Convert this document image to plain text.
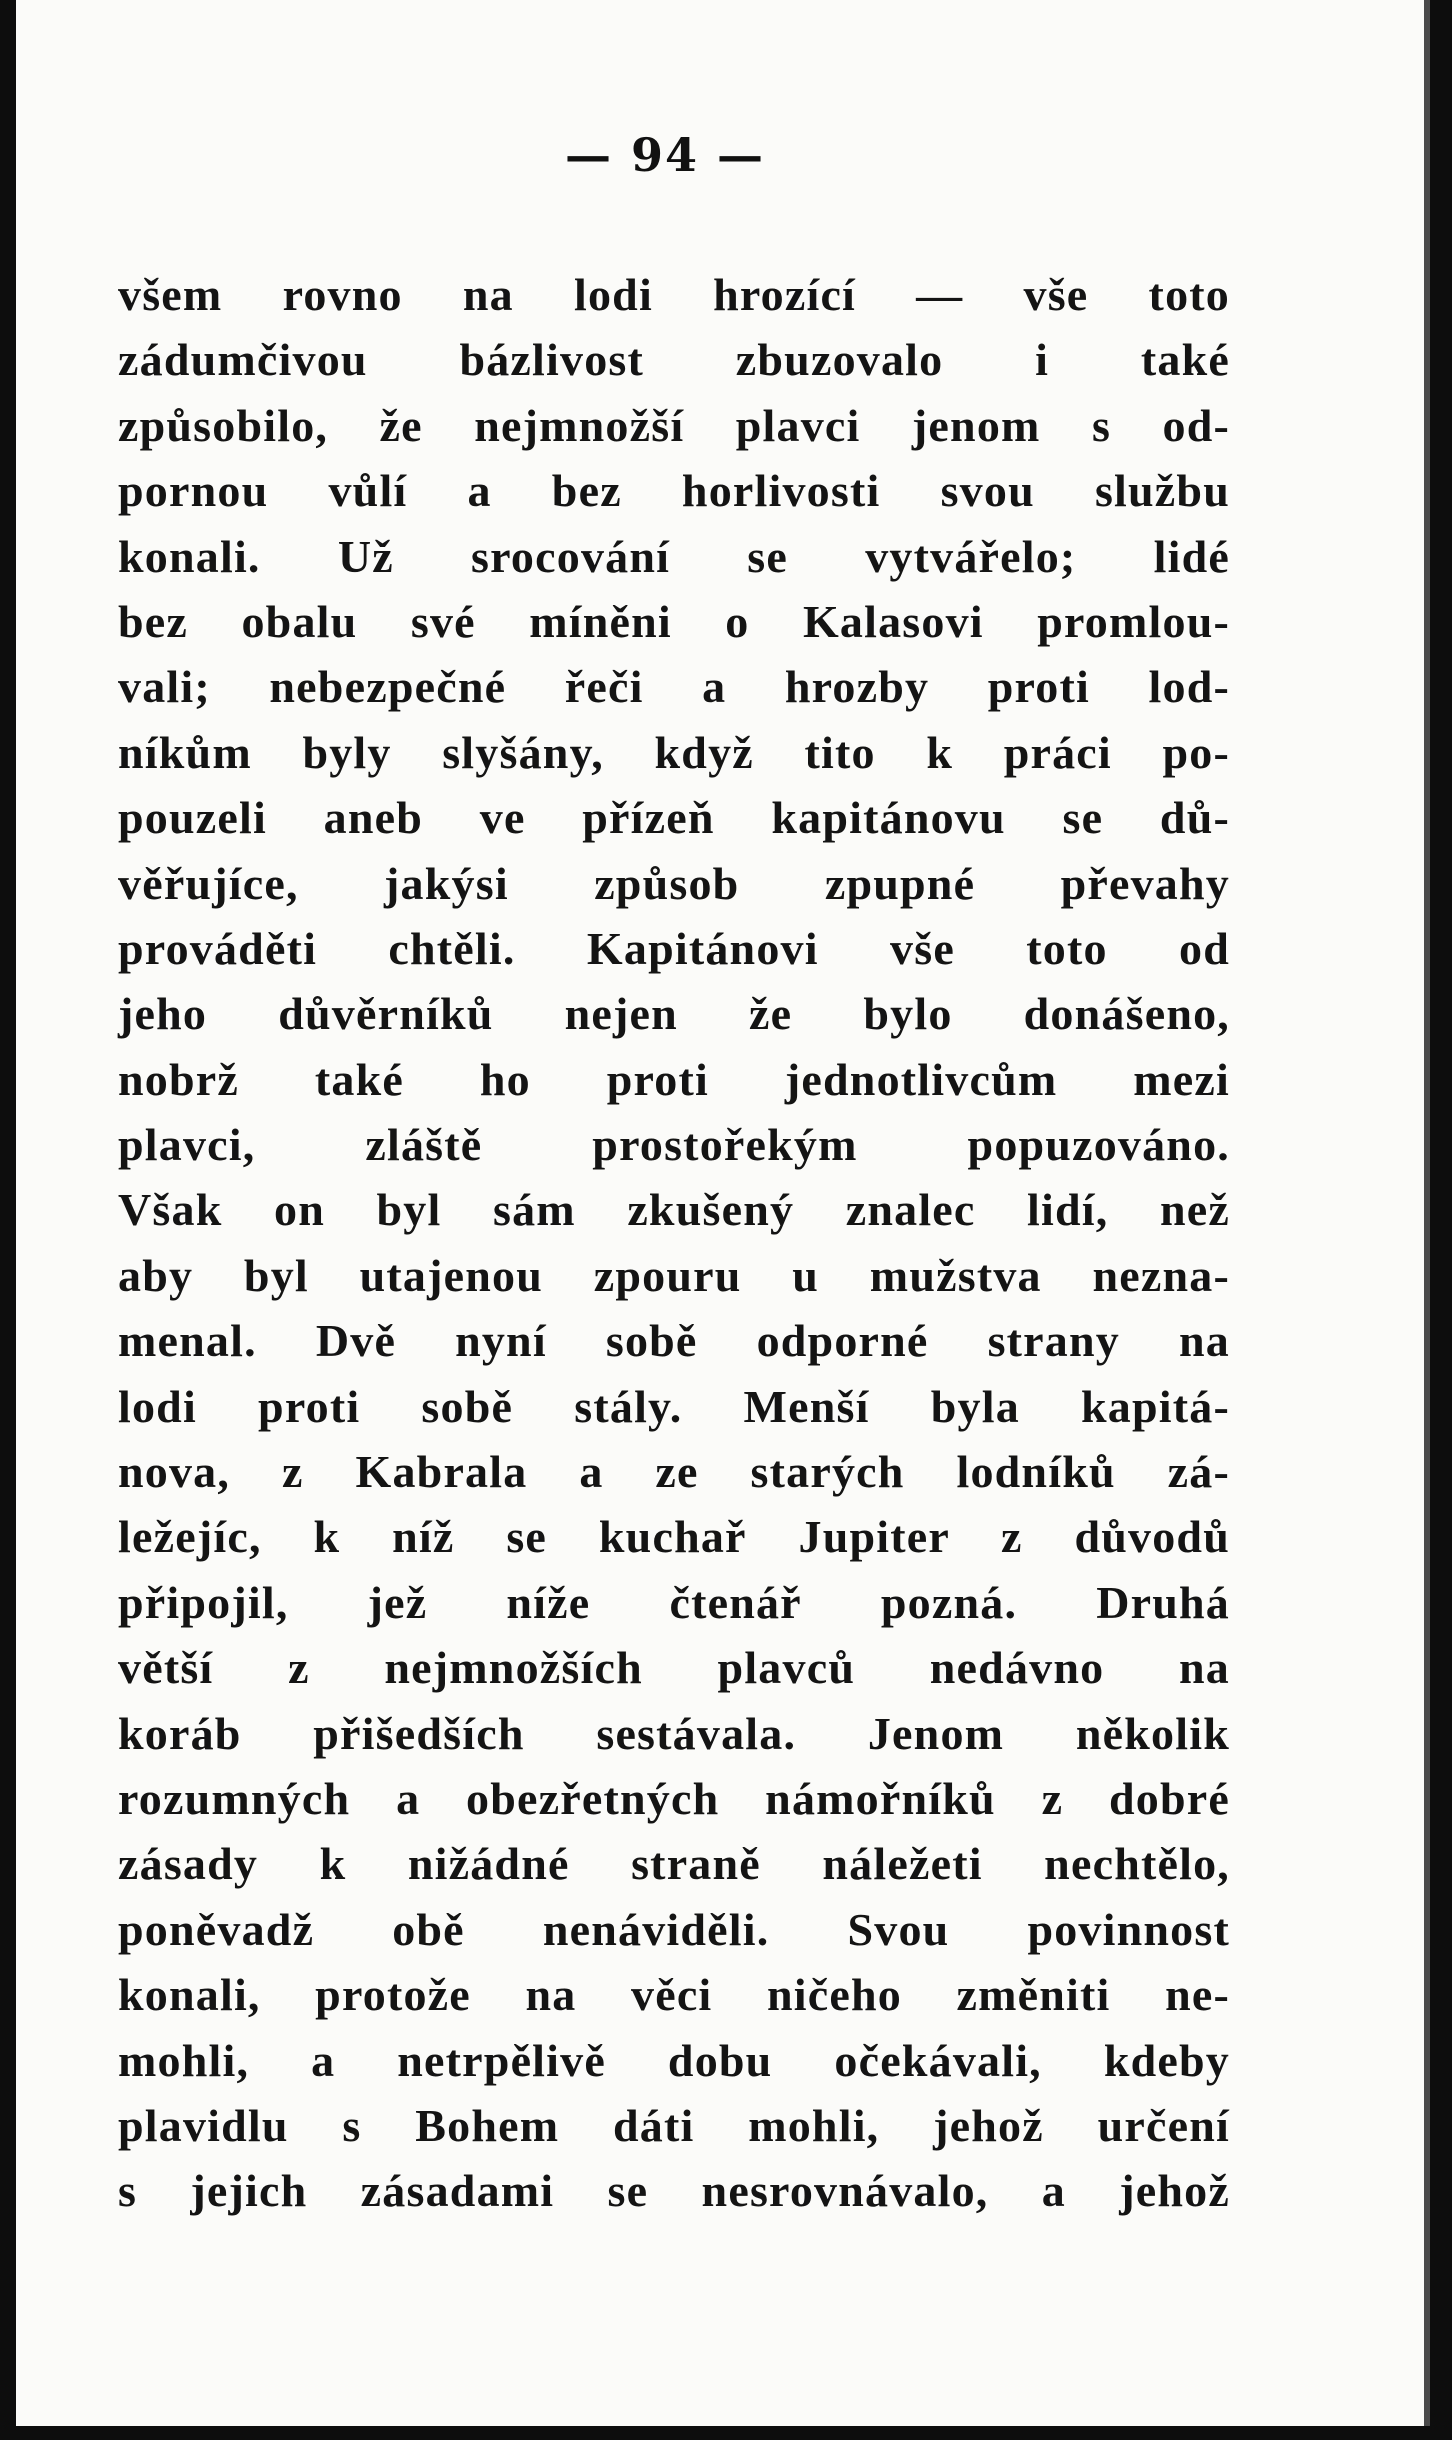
— 94 —
všem rovno na lodi hrozící — vše toto
zádumčivou bázlivost zbuzovalo i také
způsobilo, že nejmnožší plavci jenom s od-
pornou vůlí a bez horlivosti svou službu
konali. Už srocování se vytvářelo; lidé
bez obalu své míněni o Kalasovi promlou-
vali; nebezpečné řeči a hrozby proti lod-
níkům byly slyšány, když tito k práci po-
pouzeli aneb ve přízeň kapitánovu se dů-
věřujíce, jakýsi způsob zpupné převahy
prováděti chtěli. Kapitánovi vše toto od
jeho důvěrníků nejen že bylo donášeno,
nobrž také ho proti jednotlivcům mezi
plavci, zláště prostořekým popuzováno.
Však on byl sám zkušený znalec lidí, než
aby byl utajenou zpouru u mužstva nezna-
menal. Dvě nyní sobě odporné strany na
lodi proti sobě stály. Menší byla kapitá-
nova, z Kabrala a ze starých lodníků zá-
ležejíc, k níž se kuchař Jupiter z důvodů
připojil, jež níže čtenář pozná. Druhá
větší z nejmnožších plavců nedávno na
koráb přišedších sestávala. Jenom několik
rozumných a obezřetných námořníků z dobré
zásady k nižádné straně náležeti nechtělo,
poněvadž obě nenáviděli. Svou povinnost
konali, protože na věci ničeho změniti ne-
mohli, a netrpělivě dobu očekávali, kdeby
plavidlu s Bohem dáti mohli, jehož určení
s jejich zásadami se nesrovnávalo, a jehož
